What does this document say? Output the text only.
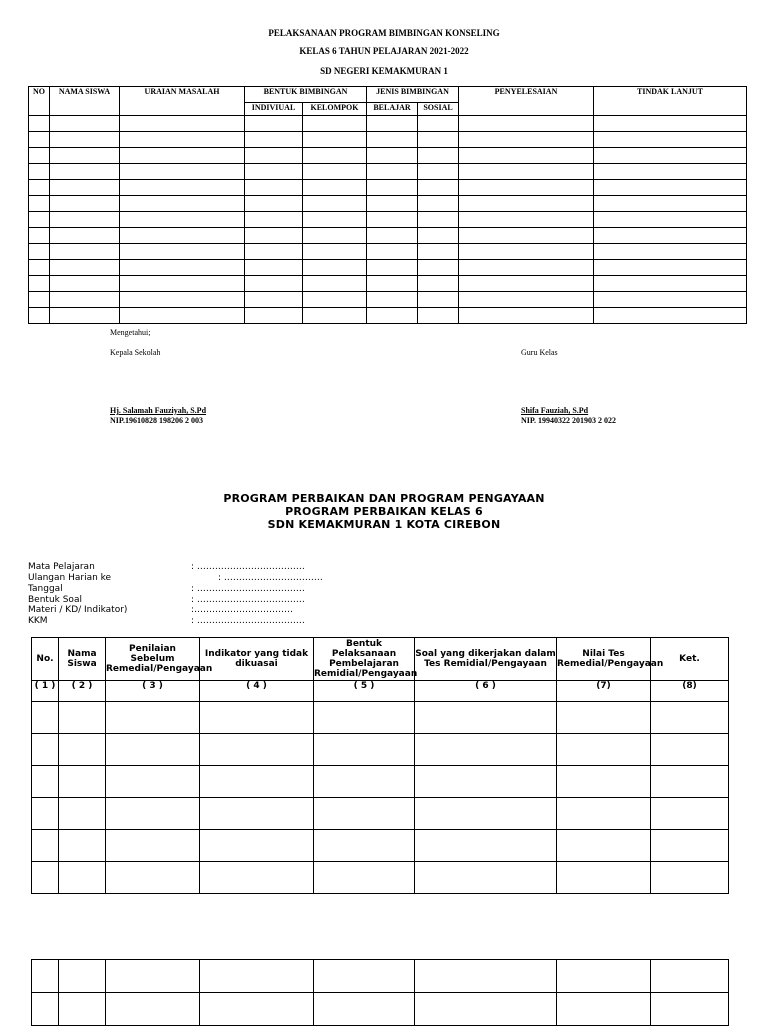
PELAKSANAAN PROGRAM BIMBINGAN KONSELING
KELAS 6 TAHUN PELAJARAN 2021-2022
SD NEGERI KEMAKMURAN 1
NO	NAMA SISWA	URAIAN MASALAH	BENTUK BIMBINGAN		JENIS BIMBINGAN		PENYELESAIAN	TINDAK LANJUT
			INDIVIUAL	KELOMPOK	BELAJAR	SOSIAL		

Mengetahui;
Kepala Sekolah	Guru Kelas
Hj. Salamah Fauziyah, S.Pd
NIP.19610828 198206 2 003
Shifa Fauziah, S.Pd
NIP. 19940322 201903 2 022
PROGRAM PERBAIKAN DAN PROGRAM PENGAYAAN
PROGRAM PERBAIKAN KELAS 6
SDN KEMAKMURAN 1 KOTA CIREBON
Mata Pelajaran	: ………………………………
Ulangan Harian ke	: ……………………………
Tanggal	: ………………………………
Bentuk Soal	: ………………………………
Materi / KD/ Indikator)	:……………………………
KKM	: ………………………………
No.	Nama Siswa	Penilaian Sebelum Remedial/Pengayaan	Indikator yang tidak dikuasai	Bentuk Pelaksanaan Pembelajaran Remidial/Pengayaan	Soal yang dikerjakan dalam Tes Remidial/Pengayaan	Nilai Tes Remedial/Pengayaan	Ket.
( 1 )	( 2 )	( 3 )	( 4 )	( 5 )	( 6 )	(7)	(8)
